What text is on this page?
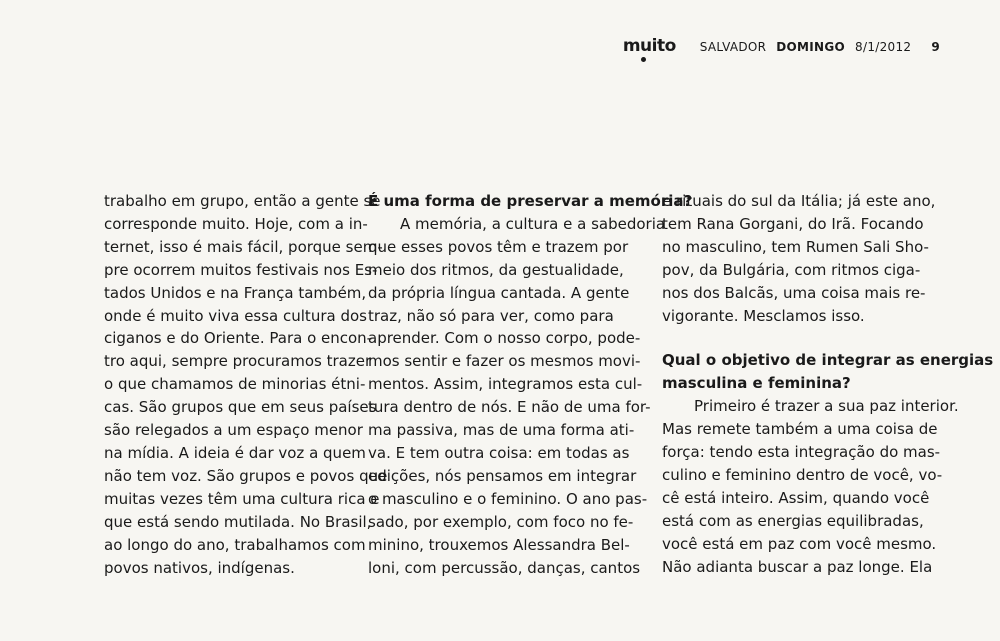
muito SALVADOR DOMINGO 8/1/2012 9
trabalho em grupo, então a gente se
corresponde muito. Hoje, com a in-
ternet, isso é mais fácil, porque sem-
pre ocorrem muitos festivais nos Es-
tados Unidos e na França também,
onde é muito viva essa cultura dos
ciganos e do Oriente. Para o encon-
tro aqui, sempre procuramos trazer
o que chamamos de minorias étni-
cas. São grupos que em seus países
são relegados a um espaço menor
na mídia. A ideia é dar voz a quem
não tem voz. São grupos e povos que
muitas vezes têm uma cultura rica e
que está sendo mutilada. No Brasil,
ao longo do ano, trabalhamos com
povos nativos, indígenas.
É uma forma de preservar a memória?
A memória, a cultura e a sabedoria
que esses povos têm e trazem por
meio dos ritmos, da gestualidade,
da própria língua cantada. A gente
traz, não só para ver, como para
aprender. Com o nosso corpo, pode-
mos sentir e fazer os mesmos movi-
mentos. Assim, integramos esta cul-
tura dentro de nós. E não de uma for-
ma passiva, mas de uma forma ati-
va. E tem outra coisa: em todas as
edições, nós pensamos em integrar
o masculino e o feminino. O ano pas-
sado, por exemplo, com foco no fe-
minino, trouxemos Alessandra Bel-
loni, com percussão, danças, cantos
e rituais do sul da Itália; já este ano,
tem Rana Gorgani, do Irã. Focando
no masculino, tem Rumen Sali Sho-
pov, da Bulgária, com ritmos ciga-
nos dos Balcãs, uma coisa mais re-
vigorante. Mesclamos isso.
Qual o objetivo de integrar as energias
masculina e feminina?
Primeiro é trazer a sua paz interior.
Mas remete também a uma coisa de
força: tendo esta integração do mas-
culino e feminino dentro de você, vo-
cê está inteiro. Assim, quando você
está com as energias equilibradas,
você está em paz com você mesmo.
Não adianta buscar a paz longe. Ela
